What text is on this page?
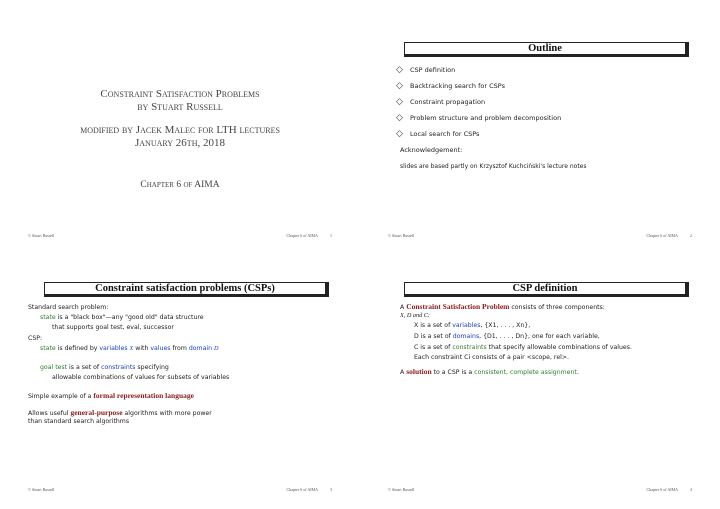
Constraint Satisfaction Problems
by Stuart Russell
modified by Jacek Malec for LTH lectures
January 26th, 2018
Chapter 6 of AIMA
© Stuart Russell	Chapter 6 of AIMA	1
Outline
◇	CSP definition
◇	Backtracking search for CSPs
◇	Constraint propagation
◇	Problem structure and problem decomposition
◇	Local search for CSPs
Acknowledgement:
slides are based partly on Krzysztof Kuchciński's lecture notes
© Stuart Russell	Chapter 6 of AIMA	2
Constraint satisfaction problems (CSPs)
Standard search problem:
state is a "black box"—any "good old" data structure
that supports goal test, eval, successor
CSP:
state is defined by variables X with values from domain D
goal test is a set of constraints specifying
allowable combinations of values for subsets of variables
Simple example of a formal representation language
Allows useful general-purpose algorithms with more power
than standard search algorithms
© Stuart Russell	Chapter 6 of AIMA	3
CSP definition
A Constraint Satisfaction Problem consists of three components:
X, D and C:
X is a set of variables, {X1, . . . , Xn},
D is a set of domains, {D1, . . . , Dn}, one for each variable,
C is a set of constraints that specify allowable combinations of values.
Each constraint Ci consists of a pair <scope, rel>.
A solution to a CSP is a consistent, complete assignment.
© Stuart Russell	Chapter 6 of AIMA	4
